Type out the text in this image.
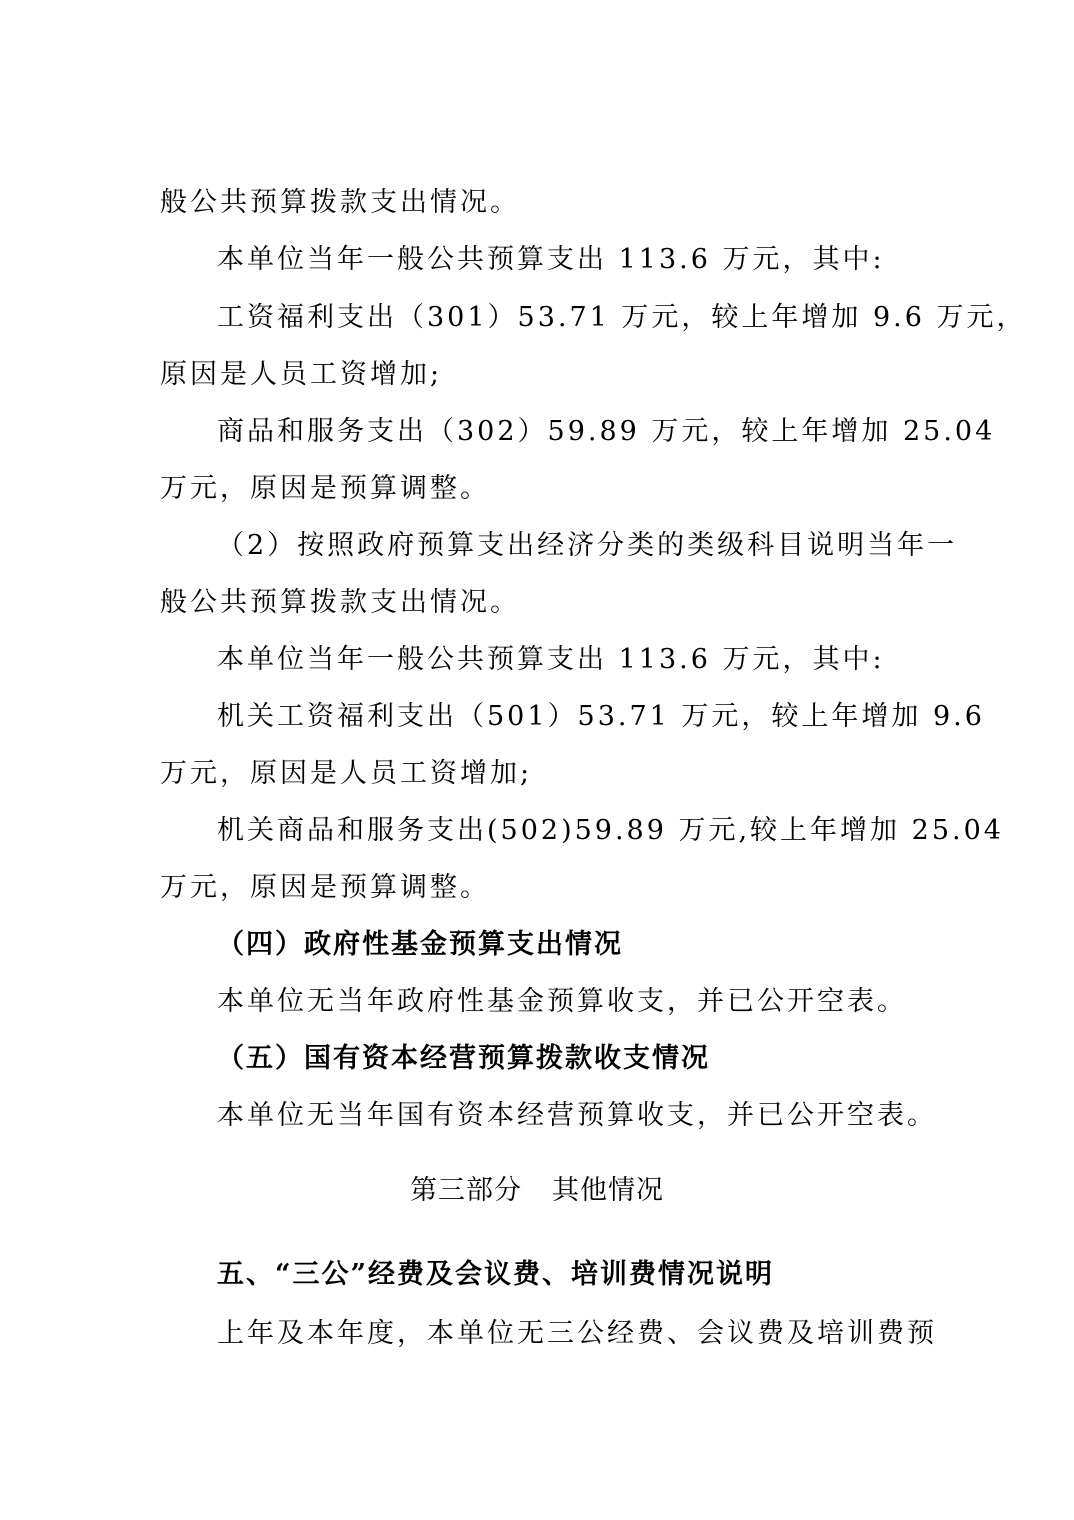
般公共预算拨款支出情况。
本单位当年一般公共预算支出 113.6 万元，其中:
工资福利支出（301）53.71 万元，较上年增加 9.6 万元，
原因是人员工资增加;
商品和服务支出（302）59.89 万元，较上年增加 25.04
万元，原因是预算调整。
（2）按照政府预算支出经济分类的类级科目说明当年一
般公共预算拨款支出情况。
本单位当年一般公共预算支出 113.6 万元，其中:
机关工资福利支出（501）53.71 万元，较上年增加 9.6
万元，原因是人员工资增加;
机关商品和服务支出(502)59.89 万元,较上年增加 25.04
万元，原因是预算调整。
（四）政府性基金预算支出情况
本单位无当年政府性基金预算收支，并已公开空表。
（五）国有资本经营预算拨款收支情况
本单位无当年国有资本经营预算收支，并已公开空表。
第三部分 其他情况
五、“三公”经费及会议费、培训费情况说明
上年及本年度，本单位无三公经费、会议费及培训费预
